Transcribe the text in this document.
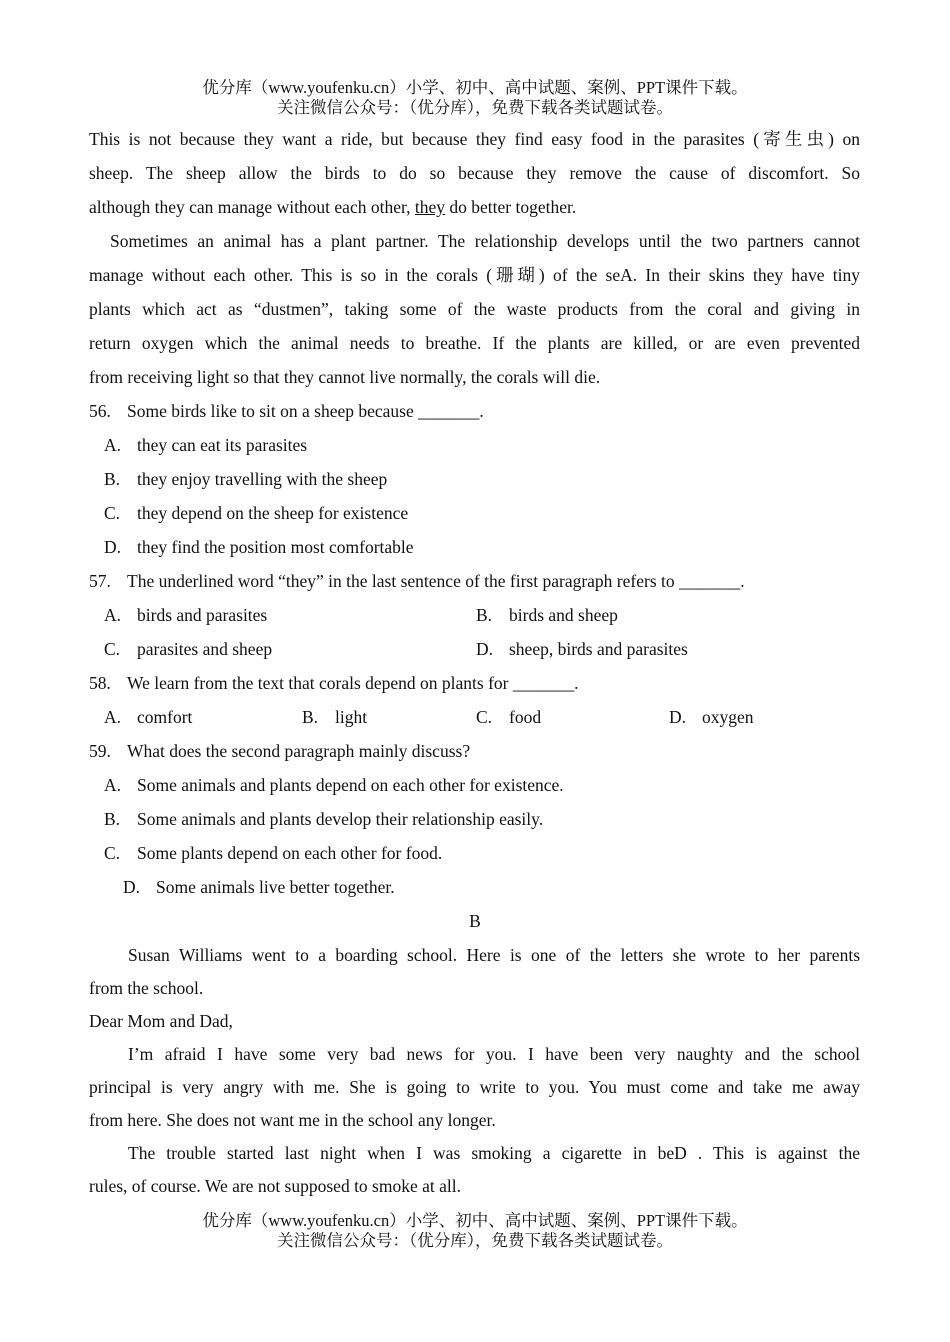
优分库（www.youfenku.cn）小学、初中、高中试题、案例、PPT课件下载。
关注微信公众号：（优分库），免费下载各类试题试卷。
This is not because they want a ride, but because they find easy food in the parasites (寄生虫) on
sheep. The sheep allow the birds to do so because they remove the cause of discomfort. So
although they can manage without each other, they do better together.
Sometimes an animal has a plant partner. The relationship develops until the two partners cannot
manage without each other. This is so in the corals (珊瑚) of the seA. In their skins they have tiny
plants which act as “dustmen”, taking some of the waste products from the coral and giving in
return oxygen which the animal needs to breathe. If the plants are killed, or are even prevented
from receiving light so that they cannot live normally, the corals will die.
56. Some birds like to sit on a sheep because _______.
A. they can eat its parasites
B. they enjoy travelling with the sheep
C. they depend on the sheep for existence
D. they find the position most comfortable
57. The underlined word “they” in the last sentence of the first paragraph refers to _______.
A. birds and parasites	B. birds and sheep
C. parasites and sheep	D. sheep, birds and parasites
58. We learn from the text that corals depend on plants for _______.
A. comfort	B. light	C. food	D. oxygen
59. What does the second paragraph mainly discuss?
A. Some animals and plants depend on each other for existence.
B. Some animals and plants develop their relationship easily.
C. Some plants depend on each other for food.
D. Some animals live better together.
B
Susan Williams went to a boarding school. Here is one of the letters she wrote to her parents
from the school.
Dear Mom and Dad,
I’m afraid I have some very bad news for you. I have been very naughty and the school
principal is very angry with me. She is going to write to you. You must come and take me away
from here. She does not want me in the school any longer.
The trouble started last night when I was smoking a cigarette in beD . This is against the
rules, of course. We are not supposed to smoke at all.
优分库（www.youfenku.cn）小学、初中、高中试题、案例、PPT课件下载。
关注微信公众号：（优分库），免费下载各类试题试卷。
